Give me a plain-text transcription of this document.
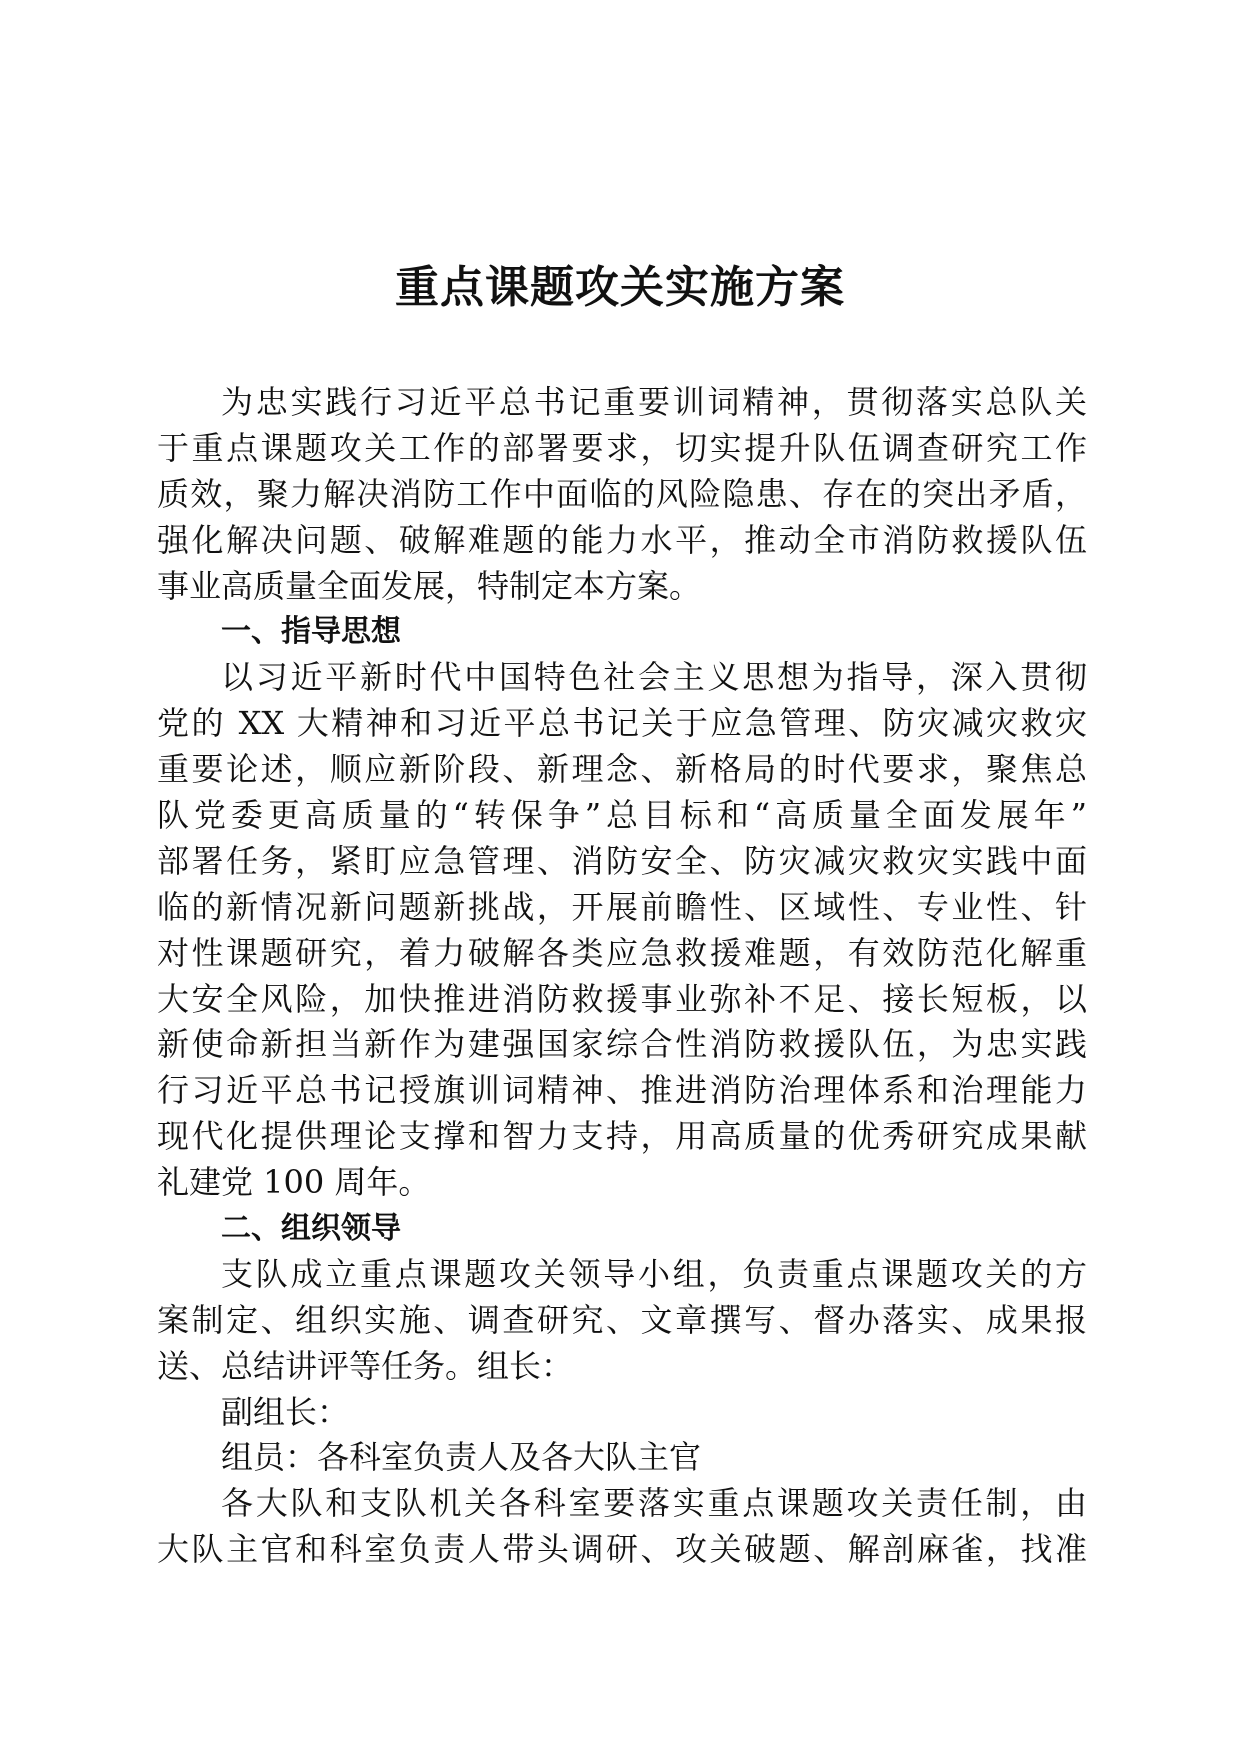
重点课题攻关实施方案
为忠实践行习近平总书记重要训词精神，贯彻落实总队关
于重点课题攻关工作的部署要求，切实提升队伍调查研究工作
质效，聚力解决消防工作中面临的风险隐患、存在的突出矛盾，
强化解决问题、破解难题的能力水平，推动全市消防救援队伍
事业高质量全面发展，特制定本方案。
一、指导思想
以习近平新时代中国特色社会主义思想为指导，深入贯彻
党的 XX 大精神和习近平总书记关于应急管理、防灾减灾救灾
重要论述，顺应新阶段、新理念、新格局的时代要求，聚焦总
队党委更高质量的“转保争”总目标和“高质量全面发展年”
部署任务，紧盯应急管理、消防安全、防灾减灾救灾实践中面
临的新情况新问题新挑战，开展前瞻性、区域性、专业性、针
对性课题研究，着力破解各类应急救援难题，有效防范化解重
大安全风险，加快推进消防救援事业弥补不足、接长短板，以
新使命新担当新作为建强国家综合性消防救援队伍，为忠实践
行习近平总书记授旗训词精神、推进消防治理体系和治理能力
现代化提供理论支撑和智力支持，用高质量的优秀研究成果献
礼建党 100 周年。
二、组织领导
支队成立重点课题攻关领导小组，负责重点课题攻关的方
案制定、组织实施、调查研究、文章撰写、督办落实、成果报
送、总结讲评等任务。组长：
副组长：
组员：各科室负责人及各大队主官
各大队和支队机关各科室要落实重点课题攻关责任制，由
大队主官和科室负责人带头调研、攻关破题、解剖麻雀，找准
